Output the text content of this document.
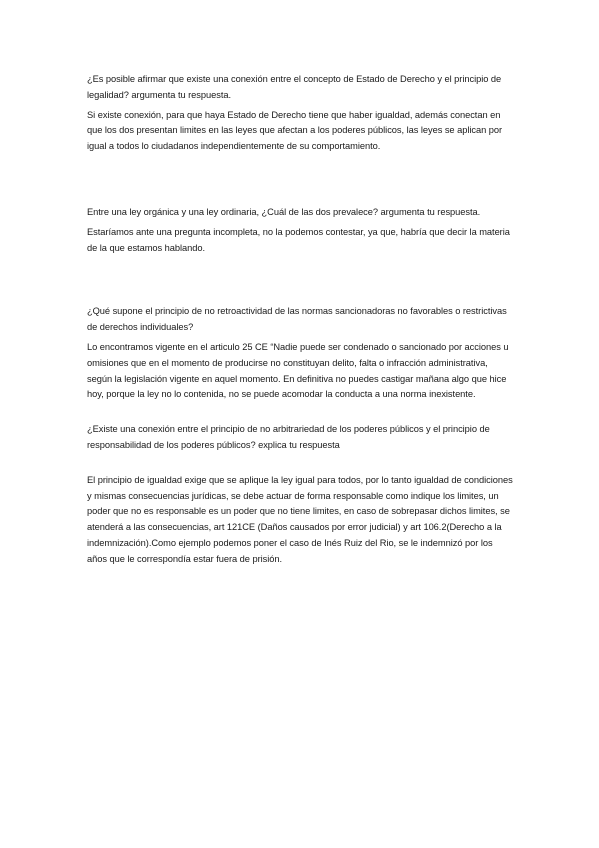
¿Es posible afirmar que existe una conexión entre el concepto de Estado de Derecho y el principio de legalidad? argumenta tu respuesta.

Si existe conexión, para que haya Estado de Derecho tiene que haber igualdad, además conectan en que los dos presentan limites en las leyes que afectan a los poderes públicos, las leyes se aplican por igual a todos lo ciudadanos independientemente de su comportamiento.

Entre una ley orgánica y una ley ordinaria, ¿Cuál de las dos prevalece? argumenta tu respuesta.

Estaríamos ante una pregunta incompleta, no la podemos contestar, ya que, habría que decir la materia de la que estamos hablando.

¿Qué supone el principio de no retroactividad de las normas sancionadoras no favorables o restrictivas de derechos individuales?

Lo encontramos vigente en el articulo 25 CE “Nadie puede ser condenado o sancionado por acciones u omisiones que en el momento de producirse no constituyan delito, falta o infracción administrativa, según la legislación vigente en aquel momento. En definitiva no puedes castigar mañana algo que hice hoy, porque la ley no lo contenida, no se puede acomodar la conducta a una norma inexistente.

¿Existe una conexión entre el principio de no arbitrariedad de los poderes públicos y el principio de responsabilidad de los poderes públicos? explica tu respuesta

El principio de igualdad exige que se aplique la ley igual para todos, por lo tanto igualdad de condiciones y mismas consecuencias jurídicas, se debe actuar de forma responsable como indique los limites, un poder que no es responsable es un poder que no tiene limites, en caso de sobrepasar dichos limites, se atenderá a las consecuencias, art 121CE (Daños causados por error judicial) y art 106.2(Derecho a la indemnización).Como ejemplo podemos poner el caso de Inés Ruiz del Rio, se le indemnizó por los años que le correspondía estar fuera de prisión.
